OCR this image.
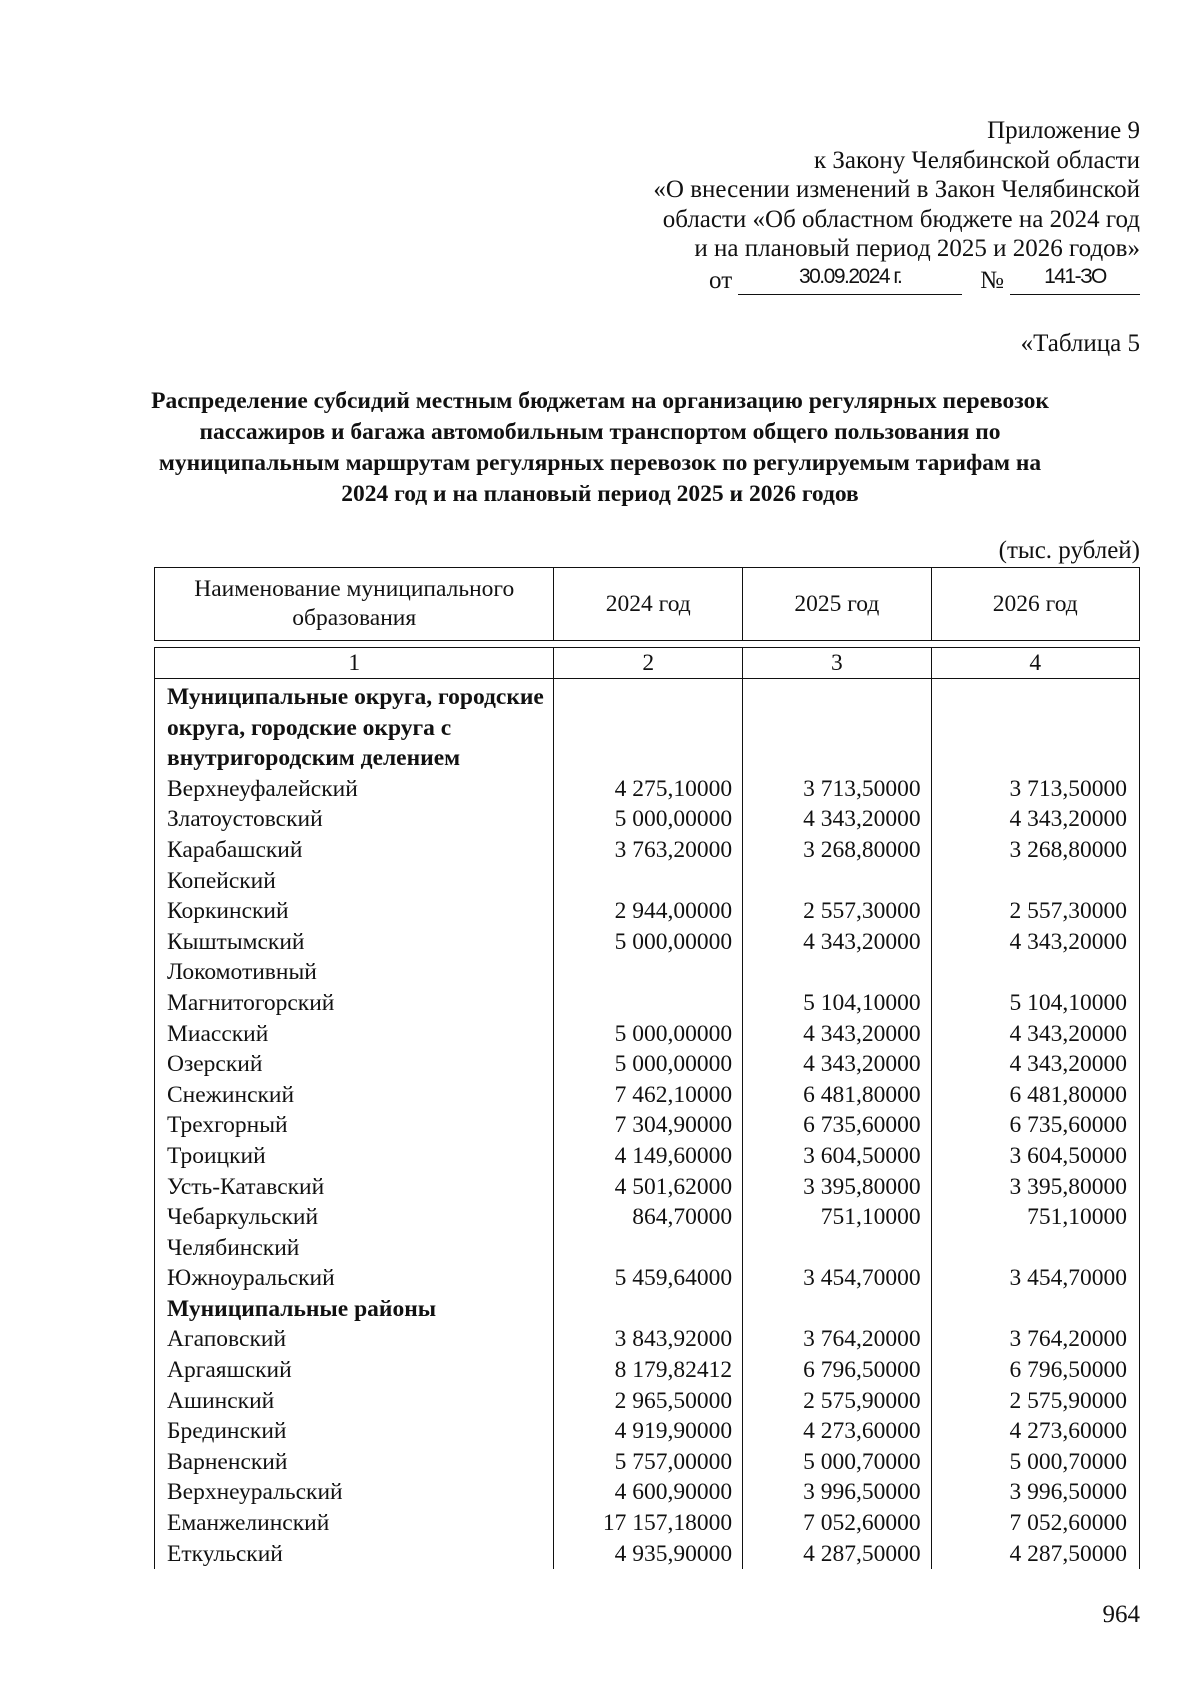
Приложение 9
к Закону Челябинской области
«О внесении изменений в Закон Челябинской
области «Об областном бюджете на 2024 год
и на плановый период 2025 и 2026 годов»
от	30.09.2024 г.	№	141-ЗО
«Таблица 5
Распределение субсидий местным бюджетам на организацию регулярных перевозок пассажиров и багажа автомобильным транспортом общего пользования по муниципальным маршрутам регулярных перевозок по регулируемым тарифам на 2024 год и на плановый период 2025 и 2026 годов
(тыс. рублей)
Наименование муниципального образования	2024 год	2025 год	2026 год

1	2	3	4
Муниципальные округа, городские округа, городские округа с внутригородским делением			
Верхнеуфалейский	4 275,10000	3 713,50000	3 713,50000
Златоустовский	5 000,00000	4 343,20000	4 343,20000
Карабашский	3 763,20000	3 268,80000	3 268,80000
Копейский			
Коркинский	2 944,00000	2 557,30000	2 557,30000
Кыштымский	5 000,00000	4 343,20000	4 343,20000
Локомотивный			
Магнитогорский		5 104,10000	5 104,10000
Миасский	5 000,00000	4 343,20000	4 343,20000
Озерский	5 000,00000	4 343,20000	4 343,20000
Снежинский	7 462,10000	6 481,80000	6 481,80000
Трехгорный	7 304,90000	6 735,60000	6 735,60000
Троицкий	4 149,60000	3 604,50000	3 604,50000
Усть-Катавский	4 501,62000	3 395,80000	3 395,80000
Чебаркульский	864,70000	751,10000	751,10000
Челябинский			
Южноуральский	5 459,64000	3 454,70000	3 454,70000
Муниципальные районы			
Агаповский	3 843,92000	3 764,20000	3 764,20000
Аргаяшский	8 179,82412	6 796,50000	6 796,50000
Ашинский	2 965,50000	2 575,90000	2 575,90000
Брединский	4 919,90000	4 273,60000	4 273,60000
Варненский	5 757,00000	5 000,70000	5 000,70000
Верхнеуральский	4 600,90000	3 996,50000	3 996,50000
Еманжелинский	17 157,18000	7 052,60000	7 052,60000
Еткульский	4 935,90000	4 287,50000	4 287,50000
964
